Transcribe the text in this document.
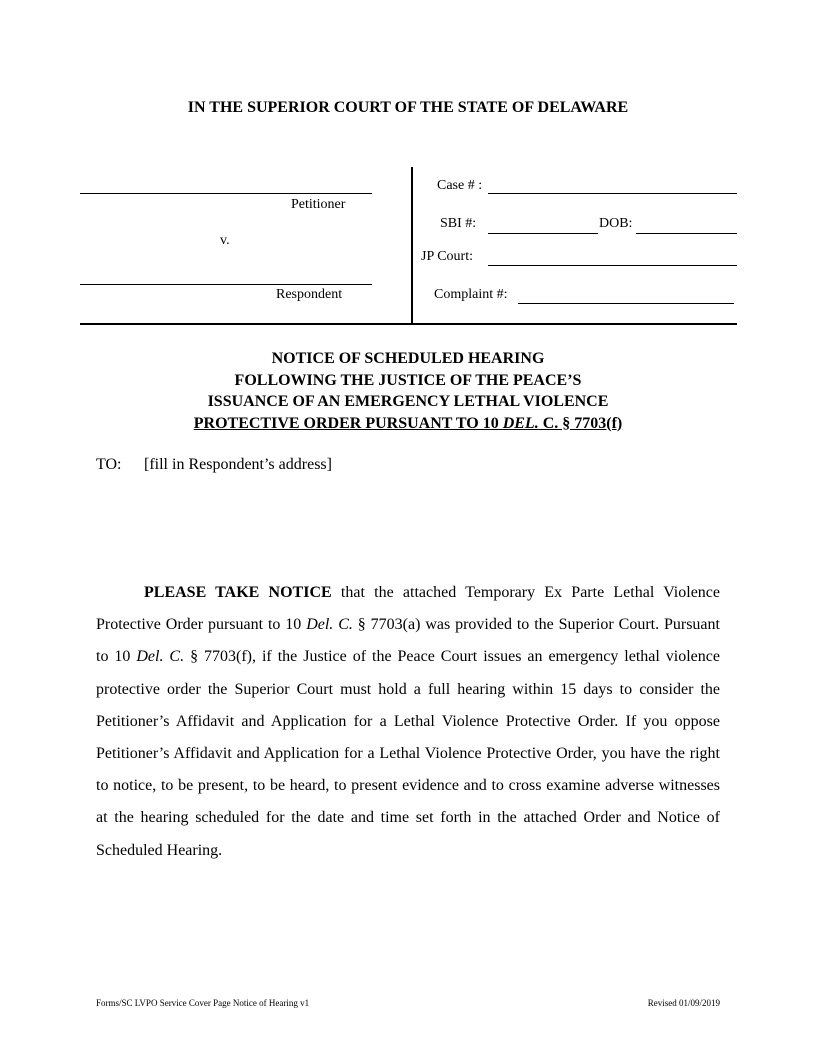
IN THE SUPERIOR COURT OF THE STATE OF DELAWARE
Petitioner
v.
Respondent
Case # :
SBI #:	DOB:
JP Court:
Complaint #:
NOTICE OF SCHEDULED HEARING
FOLLOWING THE JUSTICE OF THE PEACE’S
ISSUANCE OF AN EMERGENCY LETHAL VIOLENCE
PROTECTIVE ORDER PURSUANT TO 10 DEL. C. § 7703(f)
TO: [fill in Respondent’s address]

PLEASE TAKE NOTICE that the attached Temporary Ex Parte Lethal Violence Protective Order pursuant to 10 Del. C. § 7703(a) was provided to the Superior Court. Pursuant to 10 Del. C. § 7703(f), if the Justice of the Peace Court issues an emergency lethal violence protective order the Superior Court must hold a full hearing within 15 days to consider the Petitioner’s Affidavit and Application for a Lethal Violence Protective Order. If you oppose Petitioner’s Affidavit and Application for a Lethal Violence Protective Order, you have the right to notice, to be present, to be heard, to present evidence and to cross examine adverse witnesses at the hearing scheduled for the date and time set forth in the attached Order and Notice of Scheduled Hearing.

Forms/SC LVPO Service Cover Page Notice of Hearing v1	Revised 01/09/2019
